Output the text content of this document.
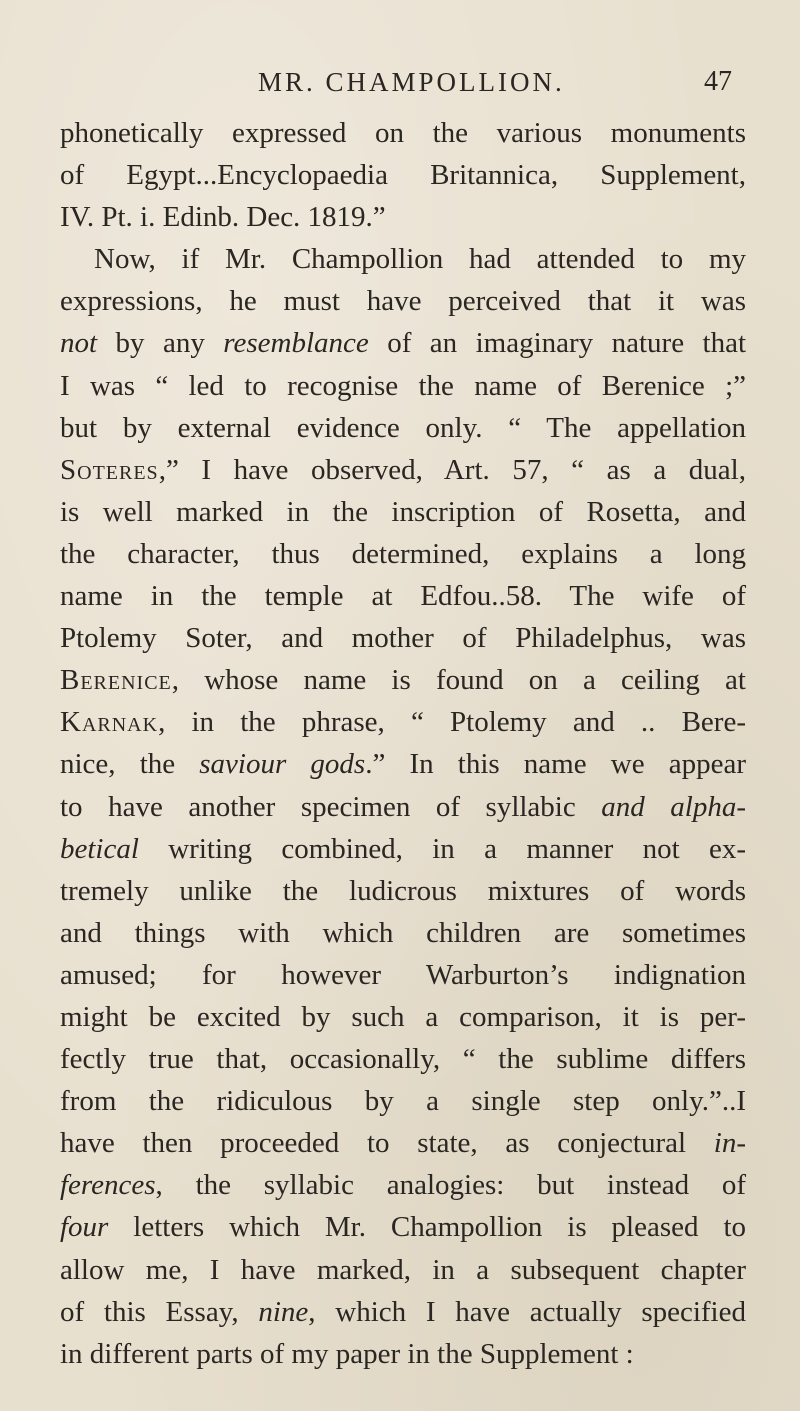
MR. CHAMPOLLION.	47
phonetically expressed on the various monuments
of Egypt...Encyclopaedia Britannica, Supplement,
IV. Pt. i. Edinb. Dec. 1819.”
Now, if Mr. Champollion had attended to my
expressions, he must have perceived that it was
not by any resemblance of an imaginary nature that
I was “ led to recognise the name of Berenice ;”
but by external evidence only. “ The appellation
Soteres,” I have observed, Art. 57, “ as a dual,
is well marked in the inscription of Rosetta, and
the character, thus determined, explains a long
name in the temple at Edfou..58. The wife of
Ptolemy Soter, and mother of Philadelphus, was
Berenice, whose name is found on a ceiling at
Karnak, in the phrase, “ Ptolemy and .. Bere-
nice, the saviour gods.” In this name we appear
to have another specimen of syllabic and alpha-
betical writing combined, in a manner not ex-
tremely unlike the ludicrous mixtures of words
and things with which children are sometimes
amused; for however Warburton’s indignation
might be excited by such a comparison, it is per-
fectly true that, occasionally, “ the sublime differs
from the ridiculous by a single step only.”..I
have then proceeded to state, as conjectural in-
ferences, the syllabic analogies: but instead of
four letters which Mr. Champollion is pleased to
allow me, I have marked, in a subsequent chapter
of this Essay, nine, which I have actually specified
in different parts of my paper in the Supplement :
